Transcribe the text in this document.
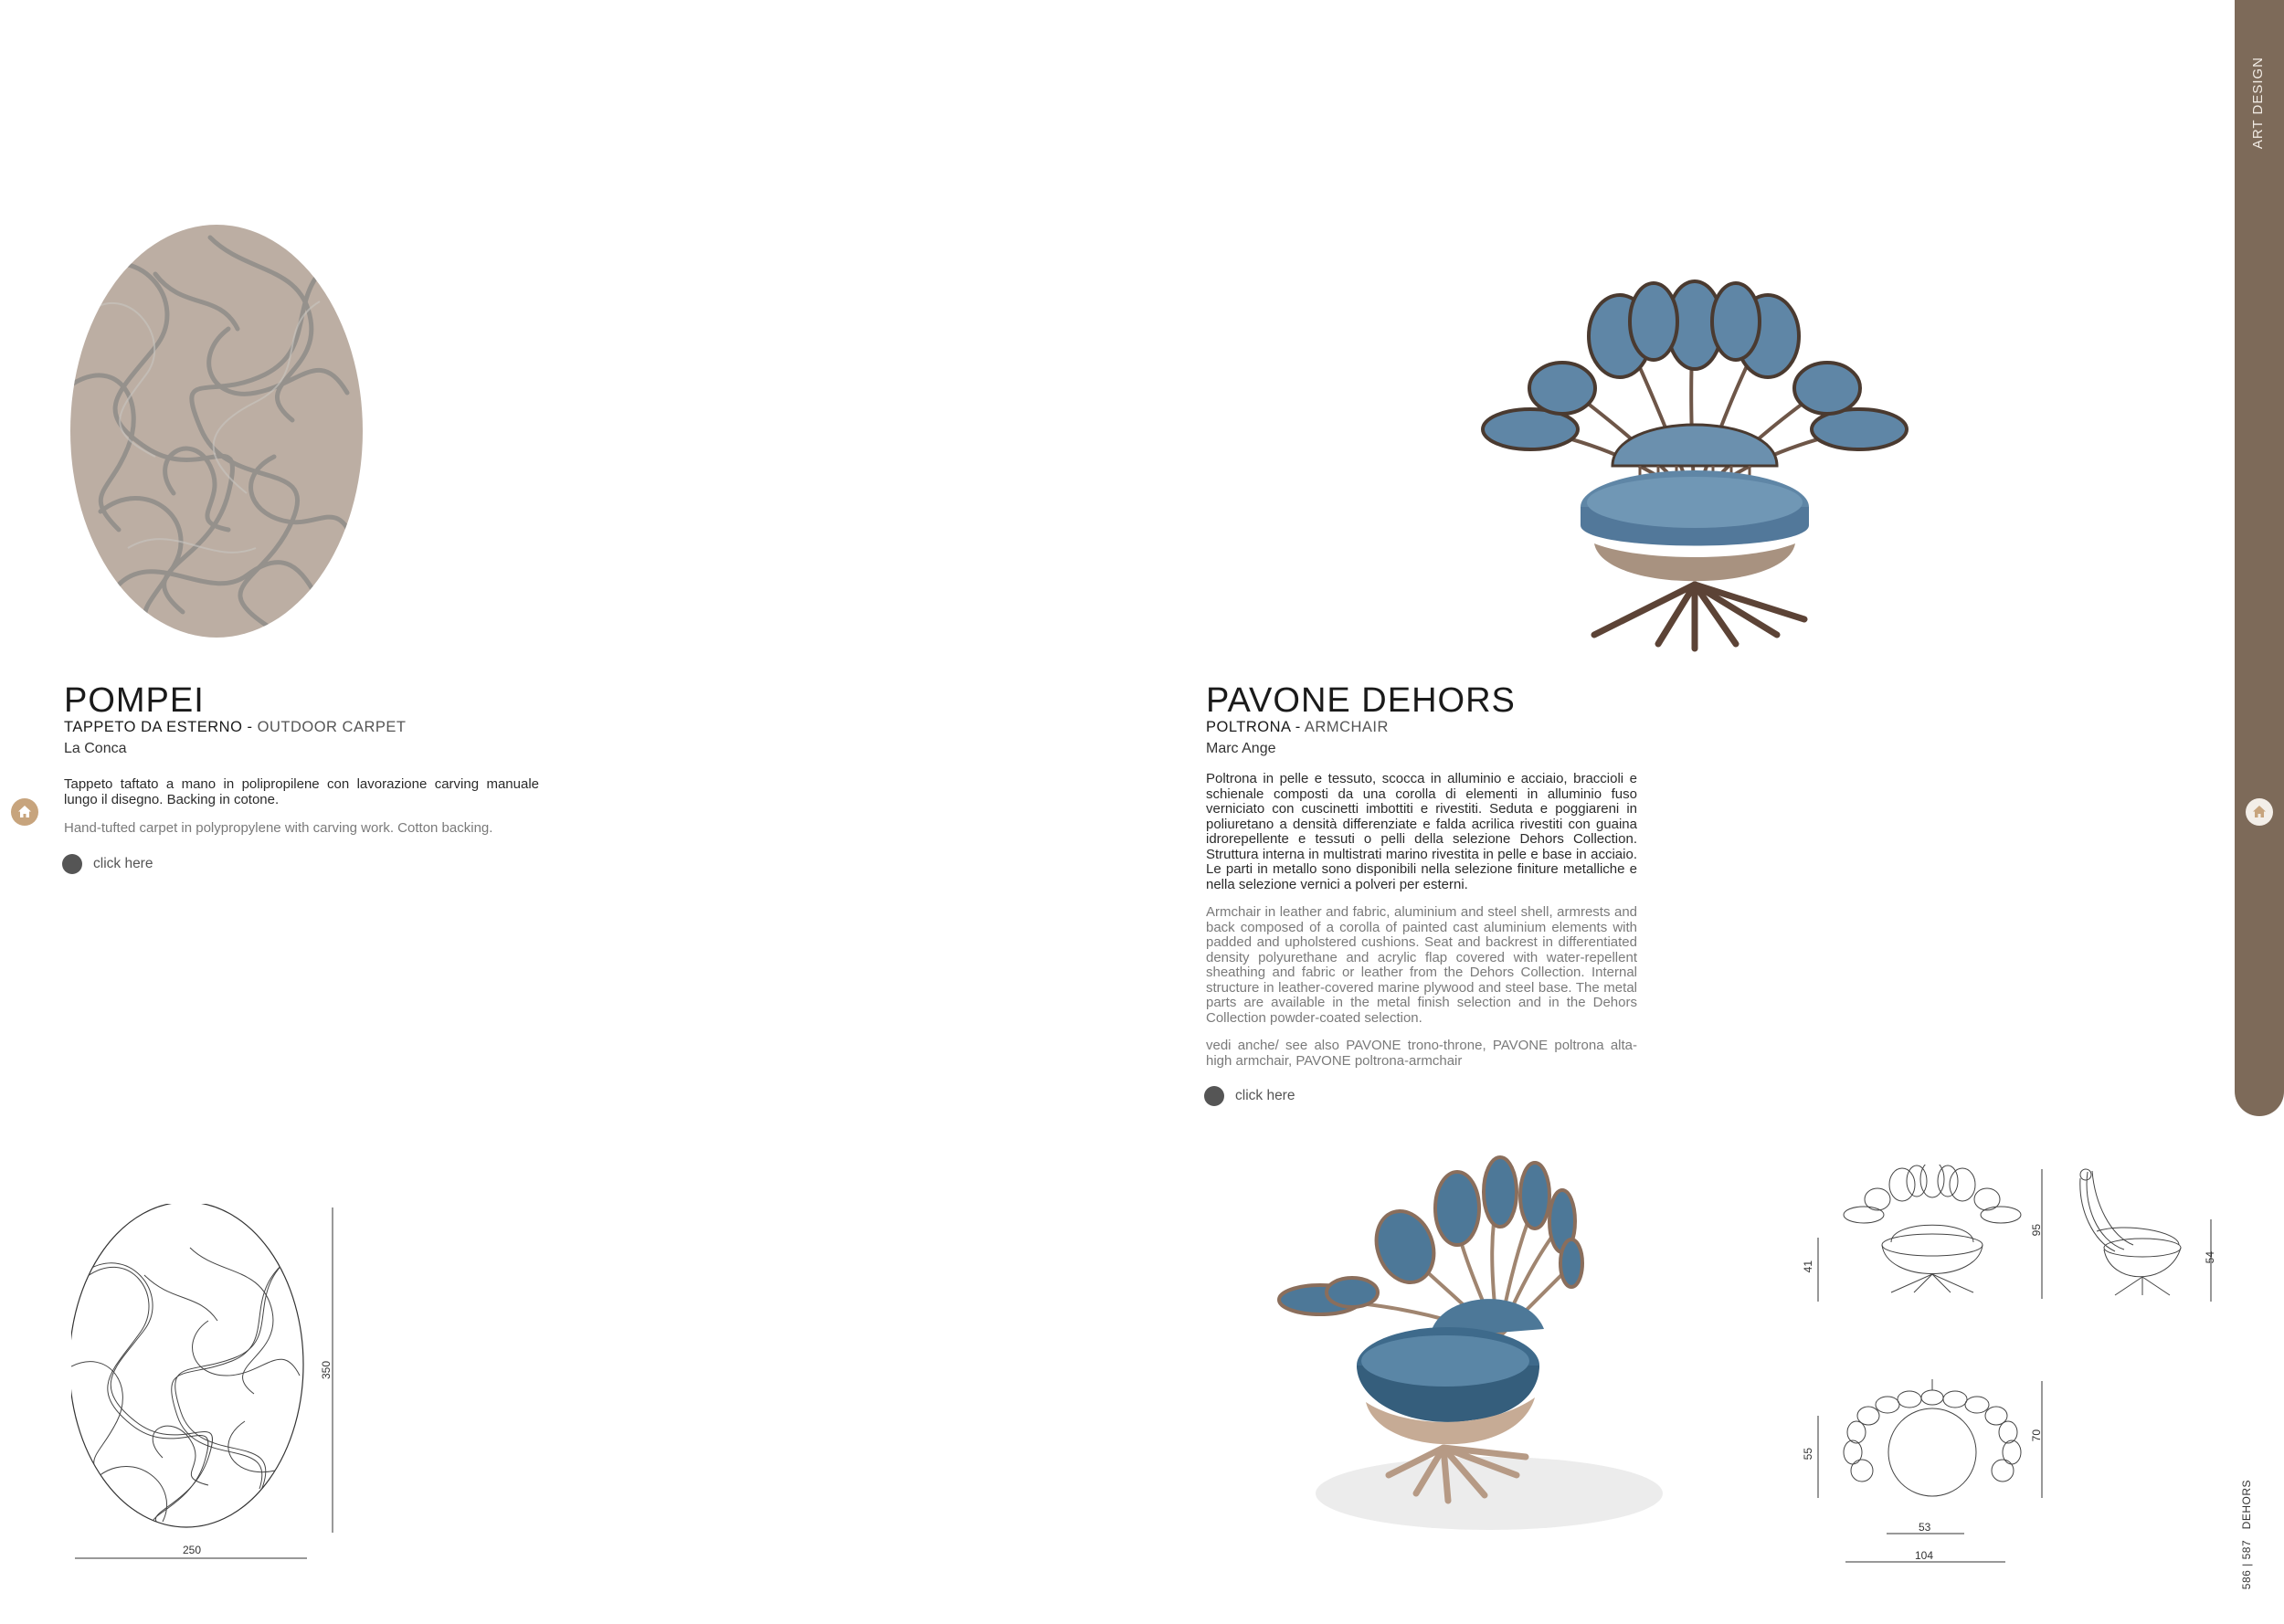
ART DESIGN
586 | 587   DEHORS
POMPEI
TAPPETO DA ESTERNO - OUTDOOR CARPET
La Conca
Tappeto taftato a mano in polipropilene con lavorazione carving manuale lungo il disegno. Backing in cotone.
Hand-tufted carpet in polypropylene with carving work. Cotton backing.
click here
350
250
PAVONE DEHORS
POLTRONA - ARMCHAIR
Marc Ange
Poltrona in pelle e tessuto, scocca in alluminio e acciaio, braccioli e schienale composti da una corolla di elementi in alluminio fuso verniciato con cuscinetti imbottiti e rivestiti. Seduta e poggiareni in poliuretano a densità differenziate e falda acrilica rivestiti con guaina idrorepellente e tessuti o pelli della selezione Dehors Collection. Struttura interna in multistrati marino rivestita in pelle e base in acciaio. Le parti in metallo sono disponibili nella selezione finiture metalliche e nella selezione vernici a polveri per esterni.
Armchair in leather and fabric, aluminium and steel shell, armrests and back composed of a corolla of painted cast aluminium elements with padded and upholstered cushions. Seat and backrest in differentiated density polyurethane and acrylic flap covered with water-repellent sheathing and fabric or leather from the Dehors Collection. Internal structure in leather-covered marine plywood and steel base. The metal parts are available in the metal finish selection and in the Dehors Collection powder-coated selection.
vedi anche/ see also PAVONE trono-throne, PAVONE poltrona alta-high armchair, PAVONE poltrona-armchair
click here
41
95
54
55
70
53
104
